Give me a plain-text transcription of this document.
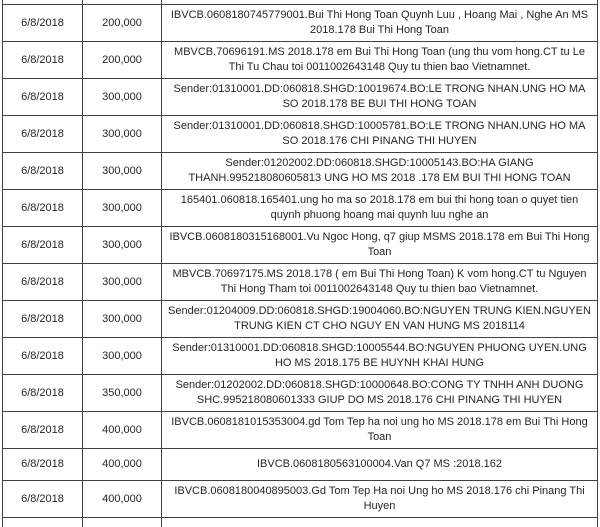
6/8/2018	200,000
IBVCB.0608180745779001.Bui Thi Hong Toan Quynh Luu , Hoang Mai , Nghe An MS 2018.178 Bui Thi Hong Toan
6/8/2018	200,000
MBVCB.70696191.MS 2018.178 em Bui Thi Hong Toan (ung thu vom hong.CT tu Le Thi Tu Chau toi 0011002643148 Quy tu thien bao Vietnamnet.
6/8/2018	300,000
Sender:01310001.DD:060818.SHGD:10019674.BO:LE TRONG NHAN.UNG HO MA SO 2018.178 BE BUI THI HONG TOAN
6/8/2018	300,000
Sender:01310001.DD:060818.SHGD:10005781.BO:LE TRONG NHAN.UNG HO MA SO 2018.176 CHI PINANG THI HUYEN
6/8/2018	300,000
Sender:01202002.DD:060818.SHGD:10005143.BO:HA GIANG THANH.995218080605813 UNG HO MS 2018 .178 EM BUI THI HONG TOAN
6/8/2018	300,000
165401.060818.165401.ung ho ma so 2018.178 em bui thi hong toan o quyet tien quynh phuong hoang mai quynh luu nghe an
6/8/2018	300,000
IBVCB.0608180315168001.Vu Ngoc Hong, q7 giup MSMS 2018.178 em Bui Thi Hong Toan
6/8/2018	300,000
MBVCB.70697175.MS 2018.178 ( em Bui Thi Hong Toan) K vom hong.CT tu Nguyen Thi Hong Tham toi 0011002643148 Quy tu thien bao Vietnamnet.
6/8/2018	300,000
Sender:01204009.DD:060818.SHGD:19004060.BO:NGUYEN TRUNG KIEN.NGUYEN TRUNG KIEN CT CHO NGUY EN VAN HUNG MS 2018114
6/8/2018	300,000
Sender:01310001.DD:060818.SHGD:10005544.BO:NGUYEN PHUONG UYEN.UNG HO MS 2018.175 BE HUYNH KHAI HUNG
6/8/2018	350,000
Sender:01202002.DD:060818.SHGD:10000648.BO:CONG TY TNHH ANH DUONG SHC.995218080601333 GIUP DO MS 2018.176 CHI PINANG THI HUYEN
6/8/2018	400,000
IBVCB.0608181015353004.gd Tom Tep ha noi ung ho MS 2018.178 em Bui Thi Hong Toan
6/8/2018	400,000	IBVCB.0608180563100004.Van Q7 MS :2018.162
6/8/2018	400,000
IBVCB.0608180040895003.Gd Tom Tep Ha noi Ung ho MS 2018.176 chi Pinang Thi Huyen
